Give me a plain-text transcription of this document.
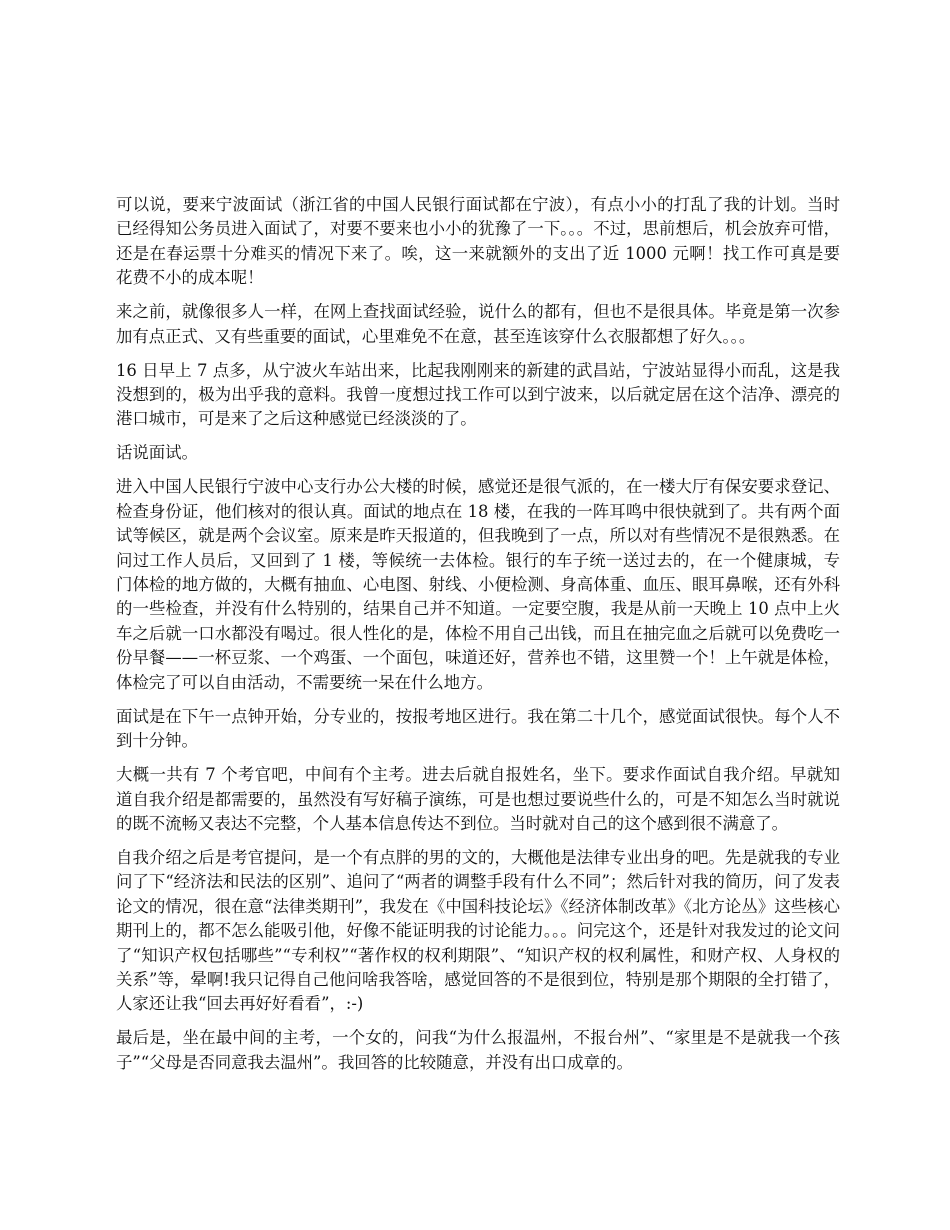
可以说，要来宁波面试（浙江省的中国人民银行面试都在宁波），有点小小的打乱了我的计划。当时已经得知公务员进入面试了，对要不要来也小小的犹豫了一下。。。不过，思前想后，机会放弃可惜，还是在春运票十分难买的情况下来了。唉，这一来就额外的支出了近 1000 元啊！找工作可真是要花费不小的成本呢！

来之前，就像很多人一样，在网上查找面试经验，说什么的都有，但也不是很具体。毕竟是第一次参加有点正式、又有些重要的面试，心里难免不在意，甚至连该穿什么衣服都想了好久。。。

16 日早上 7 点多，从宁波火车站出来，比起我刚刚来的新建的武昌站，宁波站显得小而乱，这是我没想到的，极为出乎我的意料。我曾一度想过找工作可以到宁波来，以后就定居在这个洁净、漂亮的港口城市，可是来了之后这种感觉已经淡淡的了。

话说面试。

进入中国人民银行宁波中心支行办公大楼的时候，感觉还是很气派的，在一楼大厅有保安要求登记、检查身份证，他们核对的很认真。面试的地点在 18 楼，在我的一阵耳鸣中很快就到了。共有两个面试等候区，就是两个会议室。原来是昨天报道的，但我晚到了一点，所以对有些情况不是很熟悉。在问过工作人员后，又回到了 1 楼，等候统一去体检。银行的车子统一送过去的，在一个健康城，专门体检的地方做的，大概有抽血、心电图、射线、小便检测、身高体重、血压、眼耳鼻喉，还有外科的一些检查，并没有什么特别的，结果自己并不知道。一定要空腹，我是从前一天晚上 10 点中上火车之后就一口水都没有喝过。很人性化的是，体检不用自己出钱，而且在抽完血之后就可以免费吃一份早餐——一杯豆浆、一个鸡蛋、一个面包，味道还好，营养也不错，这里赞一个！上午就是体检，体检完了可以自由活动，不需要统一呆在什么地方。

面试是在下午一点钟开始，分专业的，按报考地区进行。我在第二十几个，感觉面试很快。每个人不到十分钟。

大概一共有 7 个考官吧，中间有个主考。进去后就自报姓名，坐下。要求作面试自我介绍。早就知道自我介绍是都需要的，虽然没有写好稿子演练，可是也想过要说些什么的，可是不知怎么当时就说的既不流畅又表达不完整，个人基本信息传达不到位。当时就对自己的这个感到很不满意了。

自我介绍之后是考官提问，是一个有点胖的男的文的，大概他是法律专业出身的吧。先是就我的专业问了下“经济法和民法的区别”、追问了“两者的调整手段有什么不同”；然后针对我的简历，问了发表论文的情况，很在意“法律类期刊”，我发在《中国科技论坛》《经济体制改革》《北方论丛》这些核心期刊上的，都不怎么能吸引他，好像不能证明我的讨论能力。。。问完这个，还是针对我发过的论文问了“知识产权包括哪些”“专利权”“著作权的权利期限”、“知识产权的权利属性，和财产权、人身权的关系”等，晕啊!我只记得自己他问啥我答啥，感觉回答的不是很到位，特别是那个期限的全打错了，人家还让我“回去再好好看看”，:-)

最后是，坐在最中间的主考，一个女的，问我“为什么报温州，不报台州”、“家里是不是就我一个孩子”“父母是否同意我去温州”。我回答的比较随意，并没有出口成章的。
